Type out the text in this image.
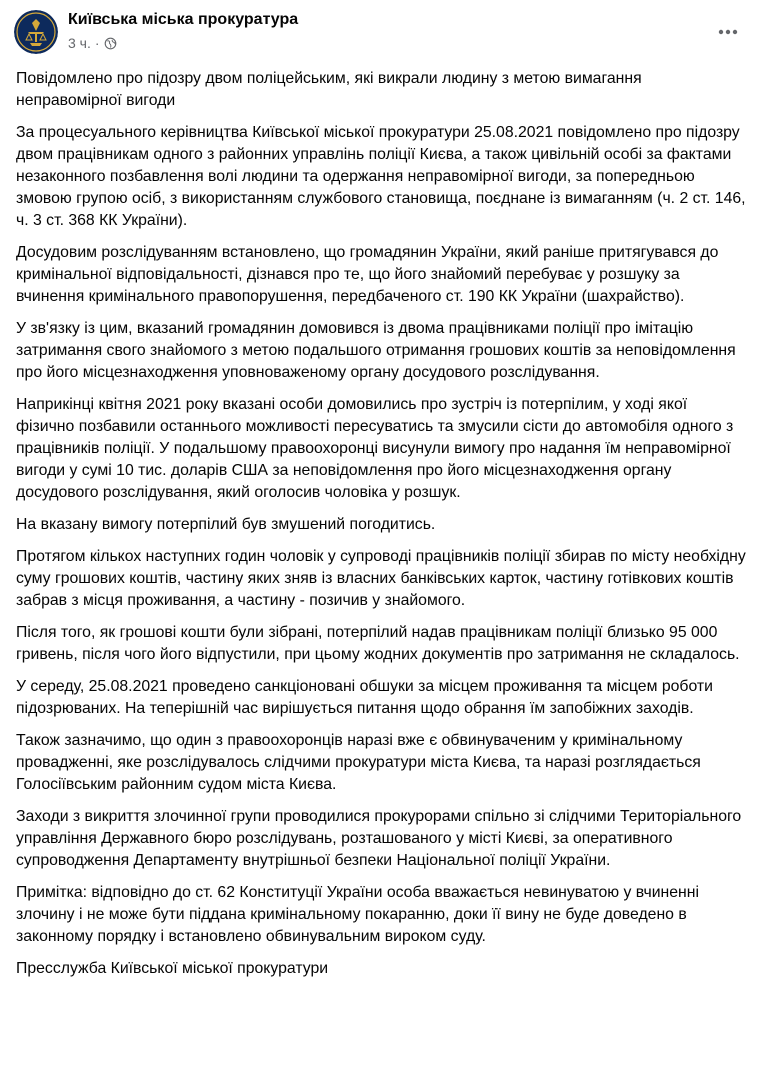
Київська міська прокуратура
3 ч. ·

Повідомлено про підозру двом поліцейським, які викрали людину з метою вимагання неправомірної вигоди

За процесуального керівництва Київської міської прокуратури 25.08.2021 повідомлено про підозру двом працівникам одного з районних управлінь поліції Києва, а також цивільній особі за фактами незаконного позбавлення волі людини та одержання неправомірної вигоди, за попередньою змовою групою осіб, з використанням службового становища, поєднане із вимаганням (ч. 2 ст. 146, ч. 3 ст. 368 КК України).

Досудовим розслідуванням встановлено, що громадянин України, який раніше притягувався до кримінальної відповідальності, дізнався про те, що його знайомий перебуває у розшуку за вчинення кримінального правопорушення, передбаченого ст. 190 КК України (шахрайство).

У зв'язку із цим, вказаний громадянин домовився із двома працівниками поліції про імітацію затримання свого знайомого з метою подальшого отримання грошових коштів за неповідомлення про його місцезнаходження уповноваженому органу досудового розслідування.

Наприкінці квітня 2021 року вказані особи домовились про зустріч із потерпілим, у ході якої фізично позбавили останнього можливості пересуватись та змусили сісти до автомобіля одного з працівників поліції. У подальшому правоохоронці висунули вимогу про надання їм неправомірної вигоди у сумі 10 тис. доларів США за неповідомлення про його місцезнаходження органу досудового розслідування, який оголосив чоловіка у розшук.

На вказану вимогу потерпілий був змушений погодитись.

Протягом кількох наступних годин чоловік у супроводі працівників поліції збирав по місту необхідну суму грошових коштів, частину яких зняв із власних банківських карток, частину готівкових коштів забрав з місця проживання, а частину - позичив у знайомого.

Після того, як грошові кошти були зібрані, потерпілий надав працівникам поліції близько 95 000 гривень, після чого його відпустили, при цьому жодних документів про затримання не складалось.

У середу, 25.08.2021 проведено санкціоновані обшуки за місцем проживання та місцем роботи підозрюваних. На теперішній час вирішується питання щодо обрання їм запобіжних заходів.

Також зазначимо, що один з правоохоронців наразі вже є обвинуваченим у кримінальному провадженні, яке розслідувалось слідчими прокуратури міста Києва, та наразі розглядається Голосіївським районним судом міста Києва.

Заходи з викриття злочинної групи проводилися прокурорами спільно зі слідчими Територіального управління Державного бюро розслідувань, розташованого у місті Києві, за оперативного супроводження Департаменту внутрішньої безпеки Національної поліції України.

Примітка: відповідно до ст. 62 Конституції України особа вважається невинуватою у вчиненні злочину і не може бути піддана кримінальному покаранню, доки її вину не буде доведено в законному порядку і встановлено обвинувальним вироком суду.

Пресслужба Київської міської прокуратури
